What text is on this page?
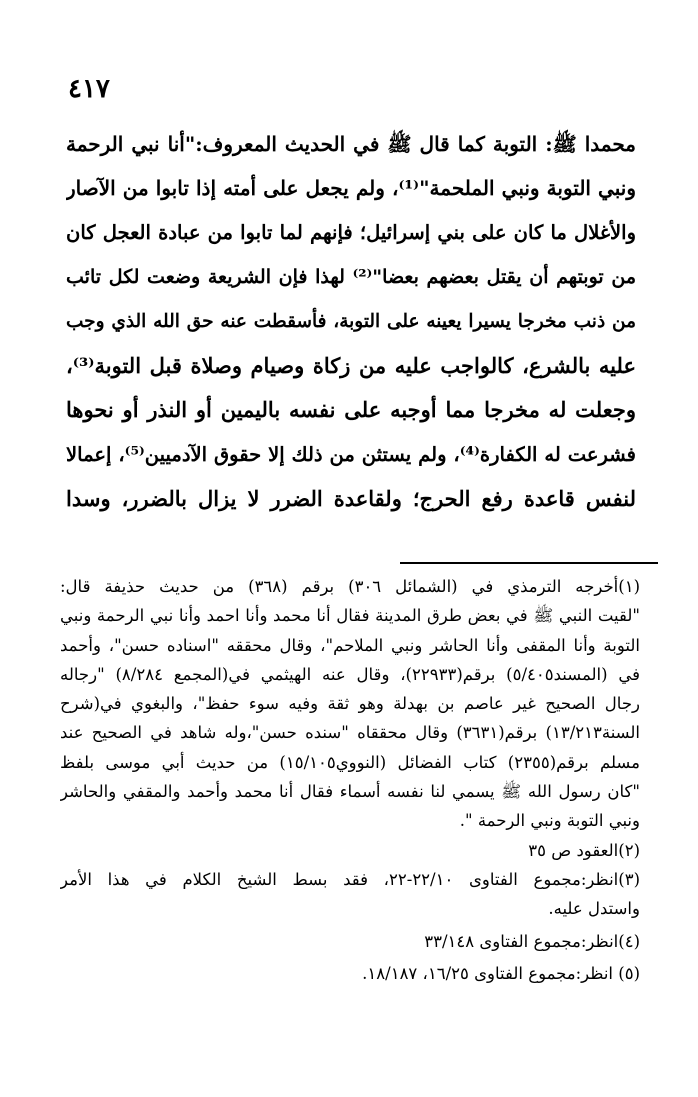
٤١٧
محمدا ﷺ: التوبة كما قال ﷺ في الحديث المعروف:"أنا نبي الرحمة
ونبي التوبة ونبي الملحمة"⁽¹⁾، ولم يجعل على أمته إذا تابوا من الآصار
والأغلال ما كان على بني إسرائيل؛ فإنهم لما تابوا من عبادة العجل كان
من توبتهم أن يقتل بعضهم بعضا"⁽²⁾ لهذا فإن الشريعة وضعت لكل تائب
من ذنب مخرجا يسيرا يعينه على التوبة، فأسقطت عنه حق الله الذي وجب
عليه بالشرع، كالواجب عليه من زكاة وصيام وصلاة قبل التوبة⁽³⁾،
وجعلت له مخرجا مما أوجبه على نفسه باليمين أو النذر أو نحوها
فشرعت له الكفارة⁽⁴⁾، ولم يستثن من ذلك إلا حقوق الآدميين⁽⁵⁾، إعمالا
لنفس قاعدة رفع الحرج؛ ولقاعدة الضرر لا يزال بالضرر، وسدا
(١)أخرجه الترمذي في (الشمائل ٣٠٦) برقم (٣٦٨) من حديث حذيفة قال:
"لقيت النبي ﷺ في بعض طرق المدينة فقال أنا محمد وأنا احمد وأنا نبي الرحمة ونبي
التوبة وأنا المقفى وأنا الحاشر ونبي الملاحم"، وقال محققه "اسناده حسن"، وأحمد
في (المسند٥/٤٠٥) برقم(٢٢٩٣٣)، وقال عنه الهيثمي في(المجمع ٨/٢٨٤) "رجاله
رجال الصحيح غير عاصم بن بهدلة وهو ثقة وفيه سوء حفظ"، والبغوي في(شرح
السنة١٣/٢١٣) برقم(٣٦٣١) وقال محققاه "سنده حسن"،وله شاهد في الصحيح عند
مسلم برقم(٢٣٥٥) كتاب الفضائل (النووي١٥/١٠٥) من حديث أبي موسى بلفظ
"كان رسول الله ﷺ يسمي لنا نفسه أسماء فقال أنا محمد وأحمد والمقفي والحاشر
ونبي التوبة ونبي الرحمة ".
(٢)العقود ص ٣٥
(٣)انظر:مجموع الفتاوى ٢٢/١٠-٢٢، فقد بسط الشيخ الكلام في هذا الأمر
واستدل عليه.
(٤)انظر:مجموع الفتاوى ٣٣/١٤٨
(٥) انظر:مجموع الفتاوى ١٦/٢٥، ١٨/١٨٧.
